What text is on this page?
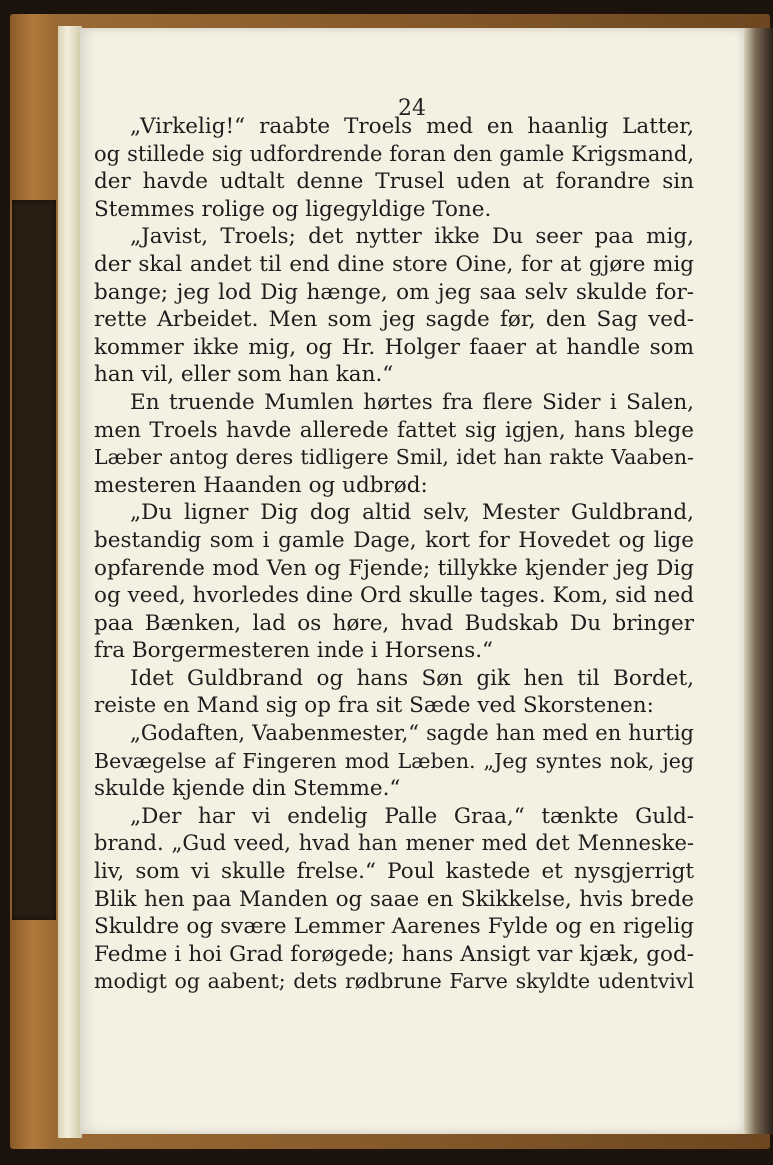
24
„Virkelig!“ raabte Troels med en haanlig Latter,
og stillede sig udfordrende foran den gamle Krigsmand,
der havde udtalt denne Trusel uden at forandre sin
Stemmes rolige og ligegyldige Tone.
„Javist, Troels; det nytter ikke Du seer paa mig,
der skal andet til end dine store Oine, for at gjøre mig
bange; jeg lod Dig hænge, om jeg saa selv skulde for-
rette Arbeidet. Men som jeg sagde før, den Sag ved-
kommer ikke mig, og Hr. Holger faaer at handle som
han vil, eller som han kan.“
En truende Mumlen hørtes fra flere Sider i Salen,
men Troels havde allerede fattet sig igjen, hans blege
Læber antog deres tidligere Smil, idet han rakte Vaaben-
mesteren Haanden og udbrød:
„Du ligner Dig dog altid selv, Mester Guldbrand,
bestandig som i gamle Dage, kort for Hovedet og lige
opfarende mod Ven og Fjende; tillykke kjender jeg Dig
og veed, hvorledes dine Ord skulle tages. Kom, sid ned
paa Bænken, lad os høre, hvad Budskab Du bringer
fra Borgermesteren inde i Horsens.“
Idet Guldbrand og hans Søn gik hen til Bordet,
reiste en Mand sig op fra sit Sæde ved Skorstenen:
„Godaften, Vaabenmester,“ sagde han med en hurtig
Bevægelse af Fingeren mod Læben. „Jeg syntes nok, jeg
skulde kjende din Stemme.“
„Der har vi endelig Palle Graa,“ tænkte Guld-
brand. „Gud veed, hvad han mener med det Menneske-
liv, som vi skulle frelse.“ Poul kastede et nysgjerrigt
Blik hen paa Manden og saae en Skikkelse, hvis brede
Skuldre og svære Lemmer Aarenes Fylde og en rigelig
Fedme i hoi Grad forøgede; hans Ansigt var kjæk, god-
modigt og aabent; dets rødbrune Farve skyldte udentvivl
